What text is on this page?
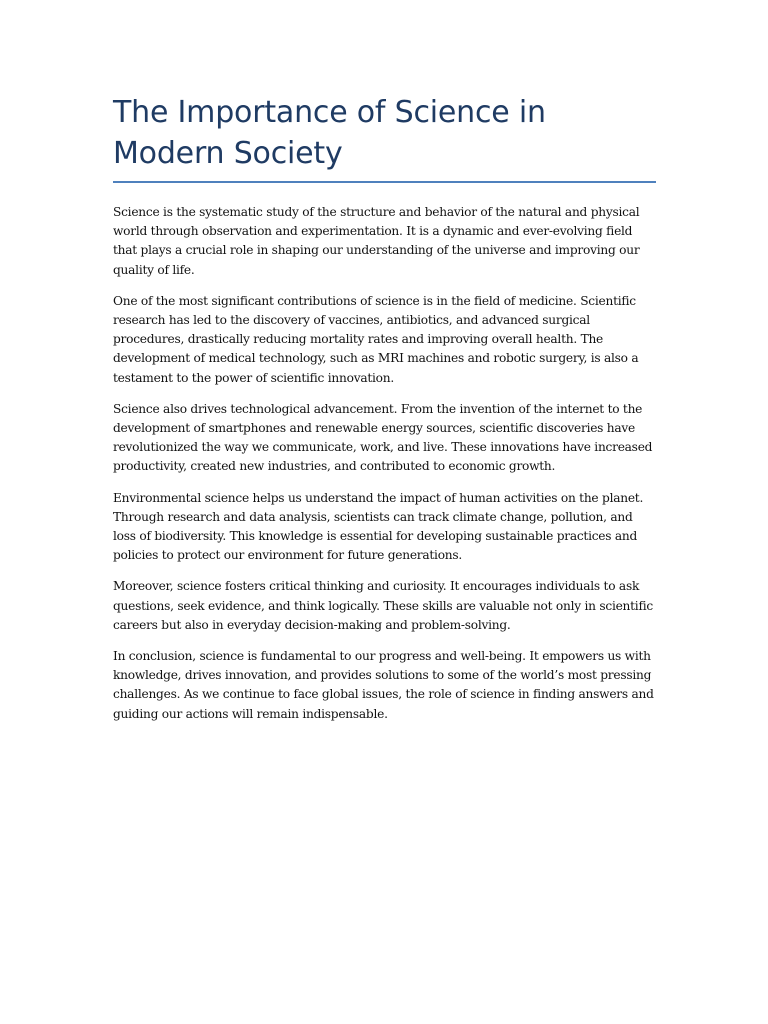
The Importance of Science in Modern Society

Science is the systematic study of the structure and behavior of the natural and physical world through observation and experimentation. It is a dynamic and ever-evolving field that plays a crucial role in shaping our understanding of the universe and improving our quality of life.

One of the most significant contributions of science is in the field of medicine. Scientific research has led to the discovery of vaccines, antibiotics, and advanced surgical procedures, drastically reducing mortality rates and improving overall health. The development of medical technology, such as MRI machines and robotic surgery, is also a testament to the power of scientific innovation.

Science also drives technological advancement. From the invention of the internet to the development of smartphones and renewable energy sources, scientific discoveries have revolutionized the way we communicate, work, and live. These innovations have increased productivity, created new industries, and contributed to economic growth.

Environmental science helps us understand the impact of human activities on the planet. Through research and data analysis, scientists can track climate change, pollution, and loss of biodiversity. This knowledge is essential for developing sustainable practices and policies to protect our environment for future generations.

Moreover, science fosters critical thinking and curiosity. It encourages individuals to ask questions, seek evidence, and think logically. These skills are valuable not only in scientific careers but also in everyday decision-making and problem-solving.

In conclusion, science is fundamental to our progress and well-being. It empowers us with knowledge, drives innovation, and provides solutions to some of the world’s most pressing challenges. As we continue to face global issues, the role of science in finding answers and guiding our actions will remain indispensable.
